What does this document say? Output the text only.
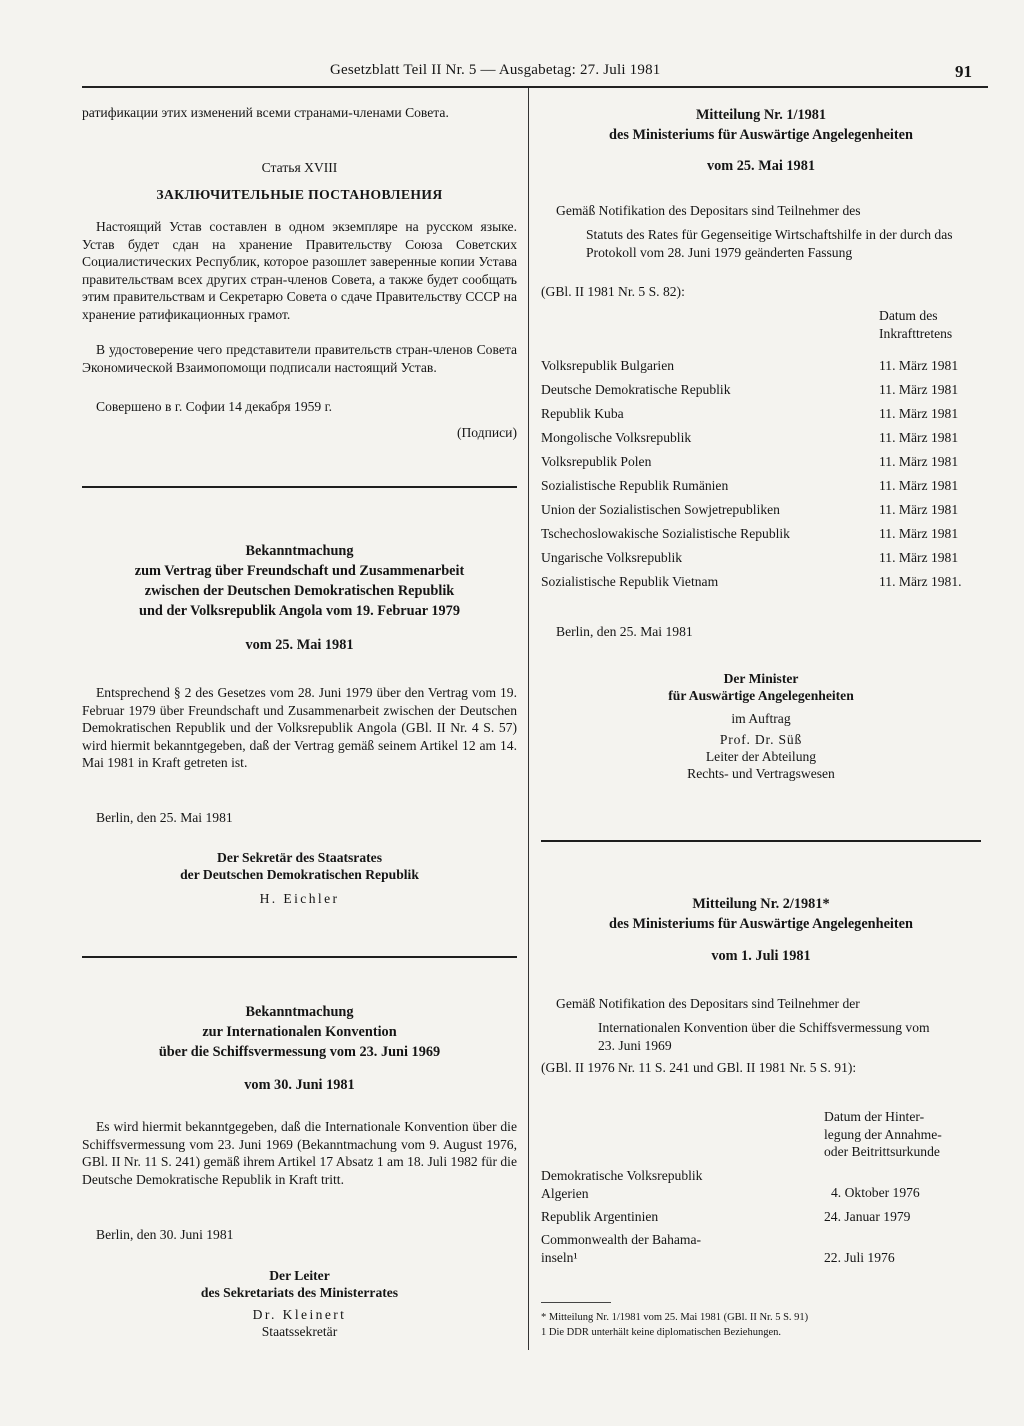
Gesetzblatt Teil II Nr. 5 — Ausgabetag: 27. Juli 1981	91
ратификации этих изменений всеми странами-членами Совета.
Статья XVIII
ЗАКЛЮЧИТЕЛЬНЫЕ ПОСТАНОВЛЕНИЯ
Настоящий Устав составлен в одном экземпляре на русском языке. Устав будет сдан на хранение Правительству Союза Советских Социалистических Республик, которое разошлет заверенные копии Устава правительствам всех других стран-членов Совета, а также будет сообщать этим правительствам и Секретарю Совета о сдаче Правительству СССР на хранение ратификационных грамот.
В удостоверение чего представители правительств стран-членов Совета Экономической Взаимопомощи подписали настоящий Устав.
Совершено в г. Софии 14 декабря 1959 г.
(Подписи)
Bekanntmachung
zum Vertrag über Freundschaft und Zusammenarbeit
zwischen der Deutschen Demokratischen Republik
und der Volksrepublik Angola vom 19. Februar 1979
vom 25. Mai 1981
Entsprechend § 2 des Gesetzes vom 28. Juni 1979 über den Vertrag vom 19. Februar 1979 über Freundschaft und Zusammenarbeit zwischen der Deutschen Demokratischen Republik und der Volksrepublik Angola (GBl. II Nr. 4 S. 57) wird hiermit bekanntgegeben, daß der Vertrag gemäß seinem Artikel 12 am 14. Mai 1981 in Kraft getreten ist.
Berlin, den 25. Mai 1981
Der Sekretär des Staatsrates
der Deutschen Demokratischen Republik
H. Eichler
Bekanntmachung
zur Internationalen Konvention
über die Schiffsvermessung vom 23. Juni 1969
vom 30. Juni 1981
Es wird hiermit bekanntgegeben, daß die Internationale Konvention über die Schiffsvermessung vom 23. Juni 1969 (Bekanntmachung vom 9. August 1976, GBl. II Nr. 11 S. 241) gemäß ihrem Artikel 17 Absatz 1 am 18. Juli 1982 für die Deutsche Demokratische Republik in Kraft tritt.
Berlin, den 30. Juni 1981
Der Leiter
des Sekretariats des Ministerrates
Dr. Kleinert
Staatssekretär
Mitteilung Nr. 1/1981
des Ministeriums für Auswärtige Angelegenheiten
vom 25. Mai 1981
Gemäß Notifikation des Depositars sind Teilnehmer des
Statuts des Rates für Gegenseitige Wirtschaftshilfe in der durch das Protokoll vom 28. Juni 1979 geänderten Fassung
(GBl. II 1981 Nr. 5 S. 82):
Datum des
Inkrafttretens
Volksrepublik Bulgarien	11. März 1981
Deutsche Demokratische Republik	11. März 1981
Republik Kuba	11. März 1981
Mongolische Volksrepublik	11. März 1981
Volksrepublik Polen	11. März 1981
Sozialistische Republik Rumänien	11. März 1981
Union der Sozialistischen Sowjetrepubliken	11. März 1981
Tschechoslowakische Sozialistische Republik	11. März 1981
Ungarische Volksrepublik	11. März 1981
Sozialistische Republik Vietnam	11. März 1981.
Berlin, den 25. Mai 1981
Der Minister
für Auswärtige Angelegenheiten
im Auftrag
Prof. Dr. Süß
Leiter der Abteilung
Rechts- und Vertragswesen
Mitteilung Nr. 2/1981*
des Ministeriums für Auswärtige Angelegenheiten
vom 1. Juli 1981
Gemäß Notifikation des Depositars sind Teilnehmer der
Internationalen Konvention über die Schiffsvermessung vom 23. Juni 1969
(GBl. II 1976 Nr. 11 S. 241 und GBl. II 1981 Nr. 5 S. 91):
Datum der Hinter-
legung der Annahme-
oder Beitrittsurkunde
Demokratische Volksrepublik
Algerien	4. Oktober 1976
Republik Argentinien	24. Januar 1979
Commonwealth der Bahama-
inseln¹	22. Juli 1976
* Mitteilung Nr. 1/1981 vom 25. Mai 1981 (GBl. II Nr. 5 S. 91)
1 Die DDR unterhält keine diplomatischen Beziehungen.
